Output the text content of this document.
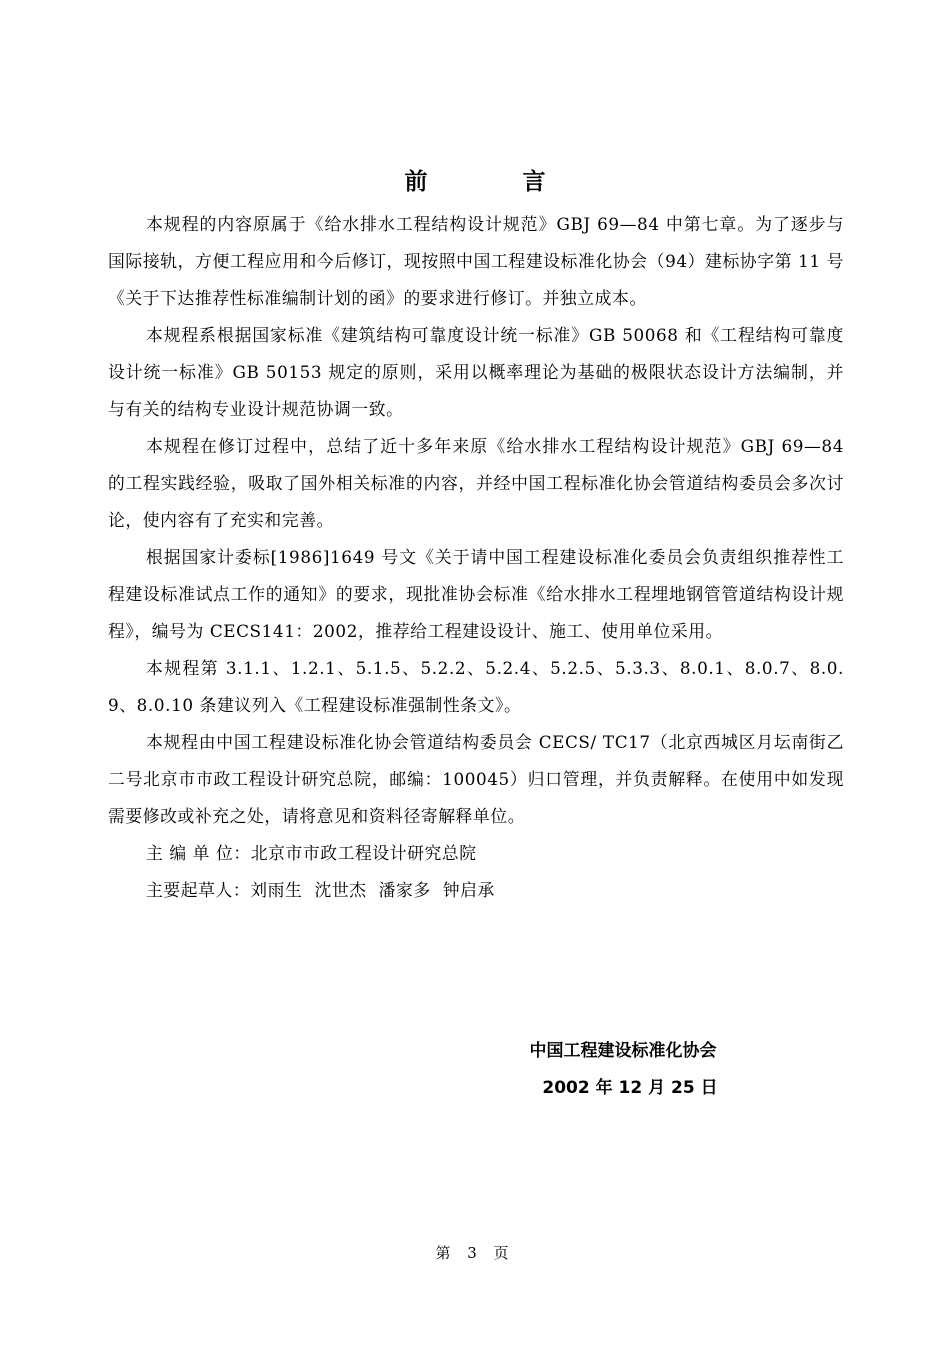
前　言

本规程的内容原属于《给水排水工程结构设计规范》GBJ 69—84 中第七章。为了逐步与国际接轨，方便工程应用和今后修订，现按照中国工程建设标准化协会（94）建标协字第 11 号《关于下达推荐性标准编制计划的函》的要求进行修订。并独立成本。

本规程系根据国家标准《建筑结构可靠度设计统一标准》GB 50068 和《工程结构可靠度设计统一标准》GB 50153 规定的原则，采用以概率理论为基础的极限状态设计方法编制，并与有关的结构专业设计规范协调一致。

本规程在修订过程中，总结了近十多年来原《给水排水工程结构设计规范》GBJ 69—84 的工程实践经验，吸取了国外相关标准的内容，并经中国工程标准化协会管道结构委员会多次讨论，使内容有了充实和完善。

根据国家计委标[1986]1649 号文《关于请中国工程建设标准化委员会负责组织推荐性工程建设标准试点工作的通知》的要求，现批准协会标准《给水排水工程埋地钢管管道结构设计规程》，编号为 CECS141：2002，推荐给工程建设设计、施工、使用单位采用。

本规程第 3.1.1、1.2.1、5.1.5、5.2.2、5.2.4、5.2.5、5.3.3、8.0.1、8.0.7、8.0.9、8.0.10 条建议列入《工程建设标准强制性条文》。

本规程由中国工程建设标准化协会管道结构委员会 CECS/ TC17（北京西城区月坛南街乙二号北京市市政工程设计研究总院，邮编：100045）归口管理，并负责解释。在使用中如发现需要修改或补充之处，请将意见和资料径寄解释单位。

主 编 单 位：北京市市政工程设计研究总院

主要起草人：刘雨生 沈世杰 潘家多 钟启承

中国工程建设标准化协会
2002 年 12 月 25 日
第 3 页
